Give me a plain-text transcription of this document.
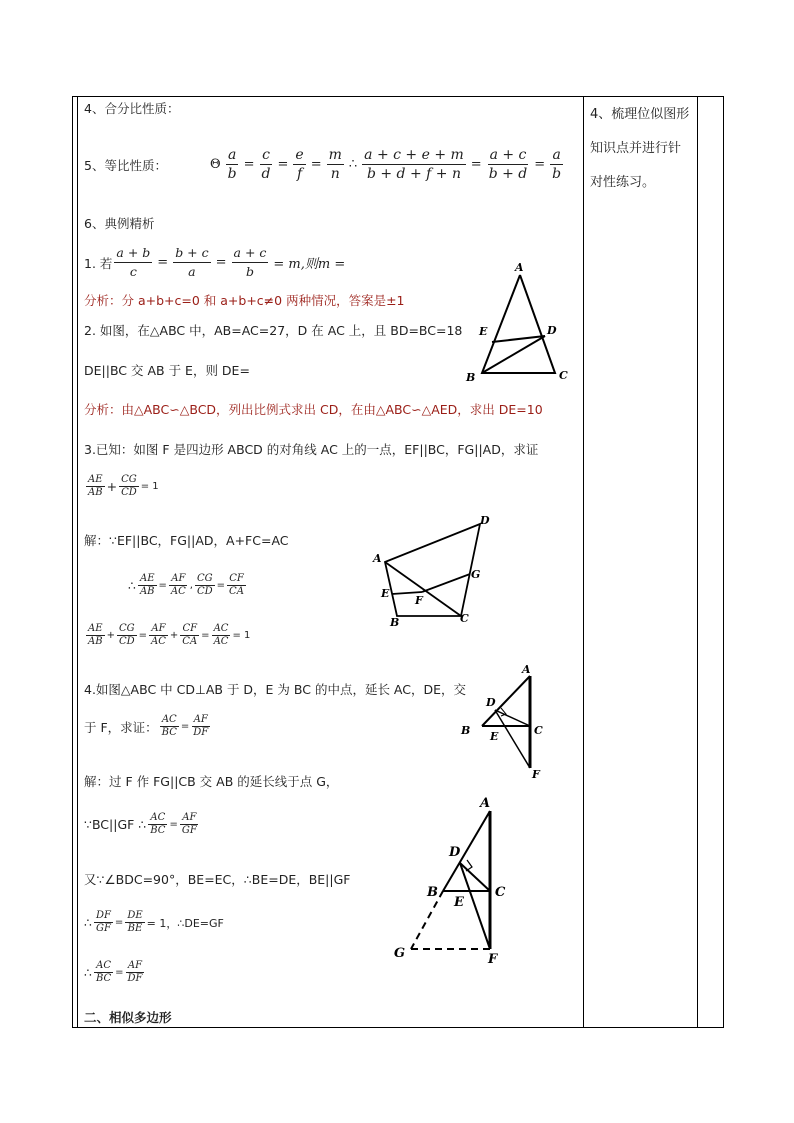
4、梳理位似图形
知识点并进行针
对性练习。
4、合分比性质：
5、等比性质：	Θ $\frac{a}{b} = \frac{c}{d} = \frac{e}{f} = \frac{m}{n}$ ∴ $\frac{a + c + e + m}{b + d + f + n} = \frac{a + c}{b + d} = \frac{a}{b}$
6、典例精析
1. 若 $\frac{a + b}{c} = \frac{b + c}{a} = \frac{a + c}{b} = m$,则m =
分析：分 a+b+c=0 和 a+b+c≠0 两种情况，答案是±1
2. 如图，在△ABC 中，AB=AC=27，D 在 AC 上，且 BD=BC=18
DE||BC 交 AB 于 E，则 DE=
分析：由△ABC∽△BCD，列出比例式求出 CD，在由△ABC∽△AED，求出 DE=10
A
E	D
B	C
3.已知：如图 F 是四边形 ABCD 的对角线 AC 上的一点，EF||BC，FG||AD，求证
$\frac{AE}{AB} + \frac{CG}{CD} = 1$
解：∵EF||BC，FG||AD，A+FC=AC
∴ $\frac{AE}{AB} = \frac{AF}{AC}$ , $\frac{CG}{CD} = \frac{CF}{CA}$
$\frac{AE}{AB} + \frac{CG}{CD} = \frac{AF}{AC} + \frac{CF}{CA} = \frac{AC}{AC} = 1$
A
D
E
F
G
B	C
4.如图△ABC 中 CD⊥AB 于 D，E 为 BC 的中点，延长 AC，DE，交
于 F，求证： $\frac{AC}{BC} = \frac{AF}{DF}$
解：过 F 作 FG||CB 交 AB 的延长线于点 G，
∵BC||GF ∴ $\frac{AC}{BC} = \frac{AF}{GF}$
又∵∠BDC=90°，BE=EC，∴BE=DE，BE||GF
∴ $\frac{DF}{GF} = \frac{DE}{BE} = 1$，∴DE=GF
∴ $\frac{AC}{BC} = \frac{AF}{DF}$
A
D
B E	C
F
A
D
B
E
C
G	F
二、相似多边形
